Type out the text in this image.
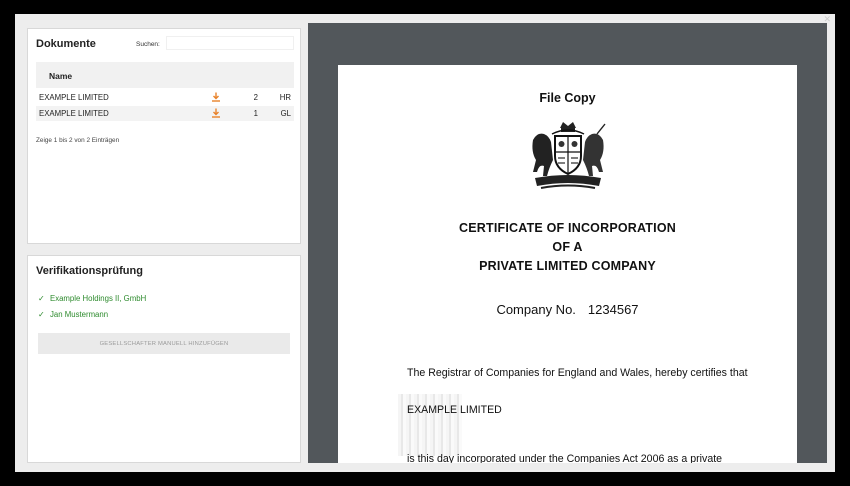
Dokumente	Suchen:
Name
EXAMPLE LIMITED	2	HR
EXAMPLE LIMITED	1	GL
Zeige 1 bis 2 von 2 Einträgen
Verifikationsprüfung
✓ Example Holdings II, GmbH
✓ Jan Mustermann
GESELLSCHAFTER MANUELL HINZUFÜGEN
File Copy
CERTIFICATE OF INCORPORATION
OF A
PRIVATE LIMITED COMPANY
Company No. 1234567
The Registrar of Companies for England and Wales, hereby certifies that
EXAMPLE LIMITED
is this day incorporated under the Companies Act 2006 as a private
✕
